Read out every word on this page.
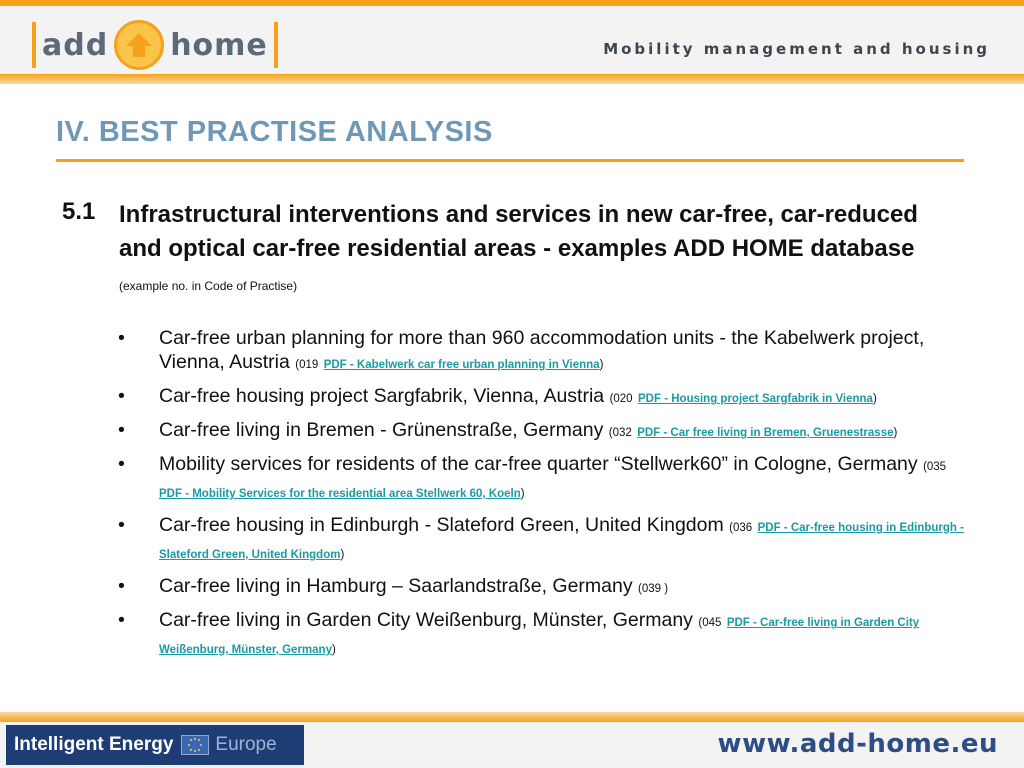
add home	Mobility management and housing
IV. BEST PRACTISE ANALYSIS
5.1 Infrastructural interventions and services in new car-free, car-reduced and optical car-free residential areas - examples ADD HOME database (example no. in Code of Practise)
• Car-free urban planning for more than 960 accommodation units - the Kabelwerk project, Vienna, Austria (019 PDF - Kabelwerk car free urban planning in Vienna)
• Car-free housing project Sargfabrik, Vienna, Austria (020 PDF - Housing project Sargfabrik in Vienna)
• Car-free living in Bremen - Grünenstraße, Germany (032 PDF - Car free living in Bremen, Gruenestrasse)
• Mobility services for residents of the car-free quarter “Stellwerk60” in Cologne, Germany (035 PDF - Mobility Services for the residential area Stellwerk 60, Koeln)
• Car-free housing in Edinburgh - Slateford Green, United Kingdom (036 PDF - Car-free housing in Edinburgh - Slateford Green, United Kingdom)
• Car-free living in Hamburg – Saarlandstraße, Germany (039 )
• Car-free living in Garden City Weißenburg, Münster, Germany (045 PDF - Car-free living in Garden City Weißenburg, Münster, Germany)
Intelligent Energy Europe	www.add-home.eu
